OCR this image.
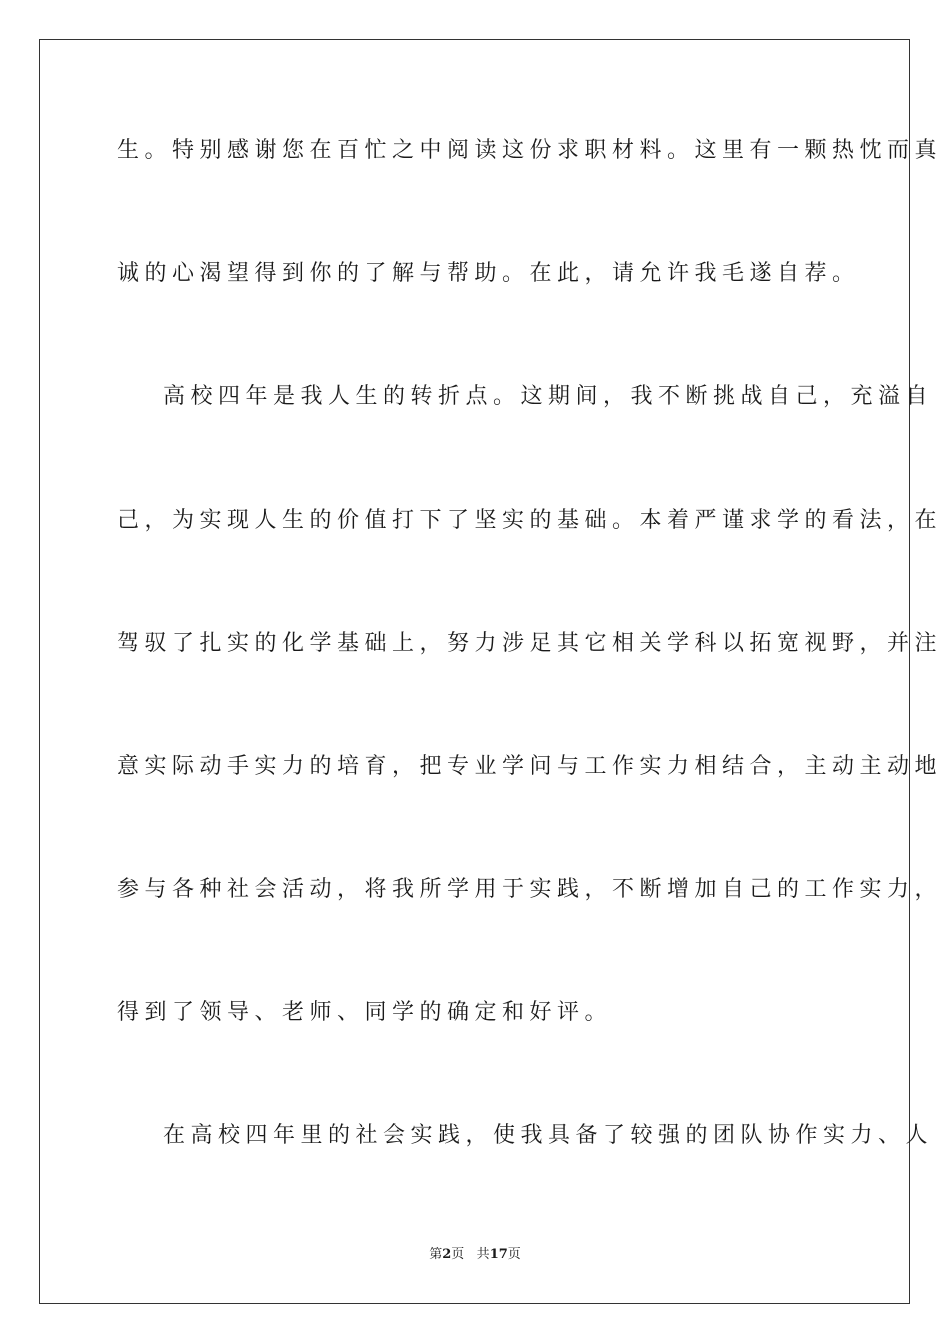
生。特别感谢您在百忙之中阅读这份求职材料。这里有一颗热忱而真
诚的心渴望得到你的了解与帮助。在此，请允许我毛遂自荐。
高校四年是我人生的转折点。这期间，我不断挑战自己，充溢自
己，为实现人生的价值打下了坚实的基础。本着严谨求学的看法，在
驾驭了扎实的化学基础上，努力涉足其它相关学科以拓宽视野，并注
意实际动手实力的培育，把专业学问与工作实力相结合，主动主动地
参与各种社会活动，将我所学用于实践，不断增加自己的工作实力，
得到了领导、老师、同学的确定和好评。
在高校四年里的社会实践，使我具备了较强的团队协作实力、人
第2页 共17页
